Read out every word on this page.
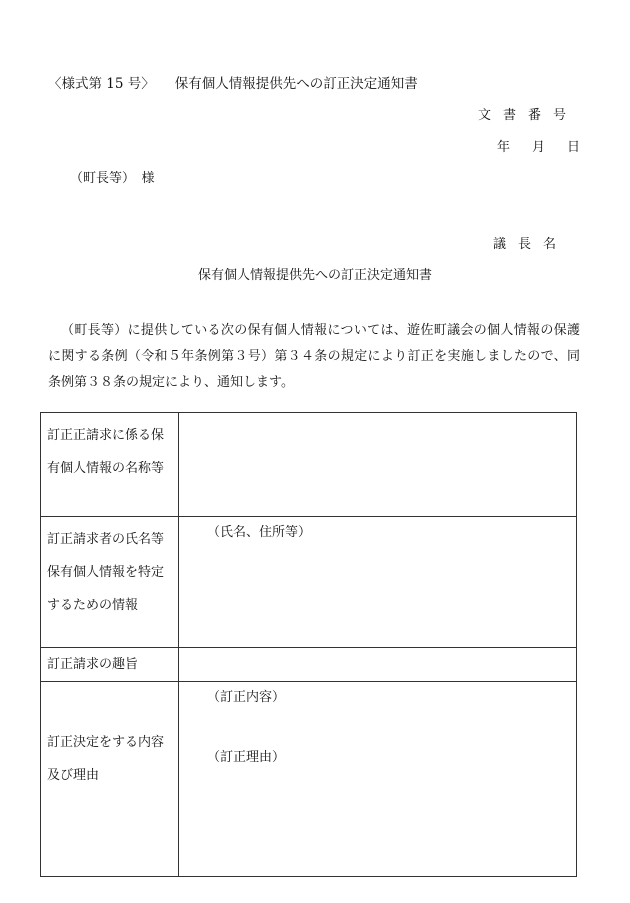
〈様式第 15 号〉 保有個人情報提供先への訂正決定通知書
文書番号
年 月 日
（町長等）　様
議長名
保有個人情報提供先への訂正決定通知書
（町長等）に提供している次の保有個人情報については、遊佐町議会の個人情報の保護に関する条例（令和５年条例第３号）第３４条の規定により訂正を実施しましたので、同条例第３８条の規定により、通知します。
訂正正請求に係る保有個人情報の名称等	
訂正請求者の氏名等保有個人情報を特定するための情報	（氏名、住所等）
訂正請求の趣旨	
訂正決定をする内容及び理由	（訂正内容）
（訂正理由）
